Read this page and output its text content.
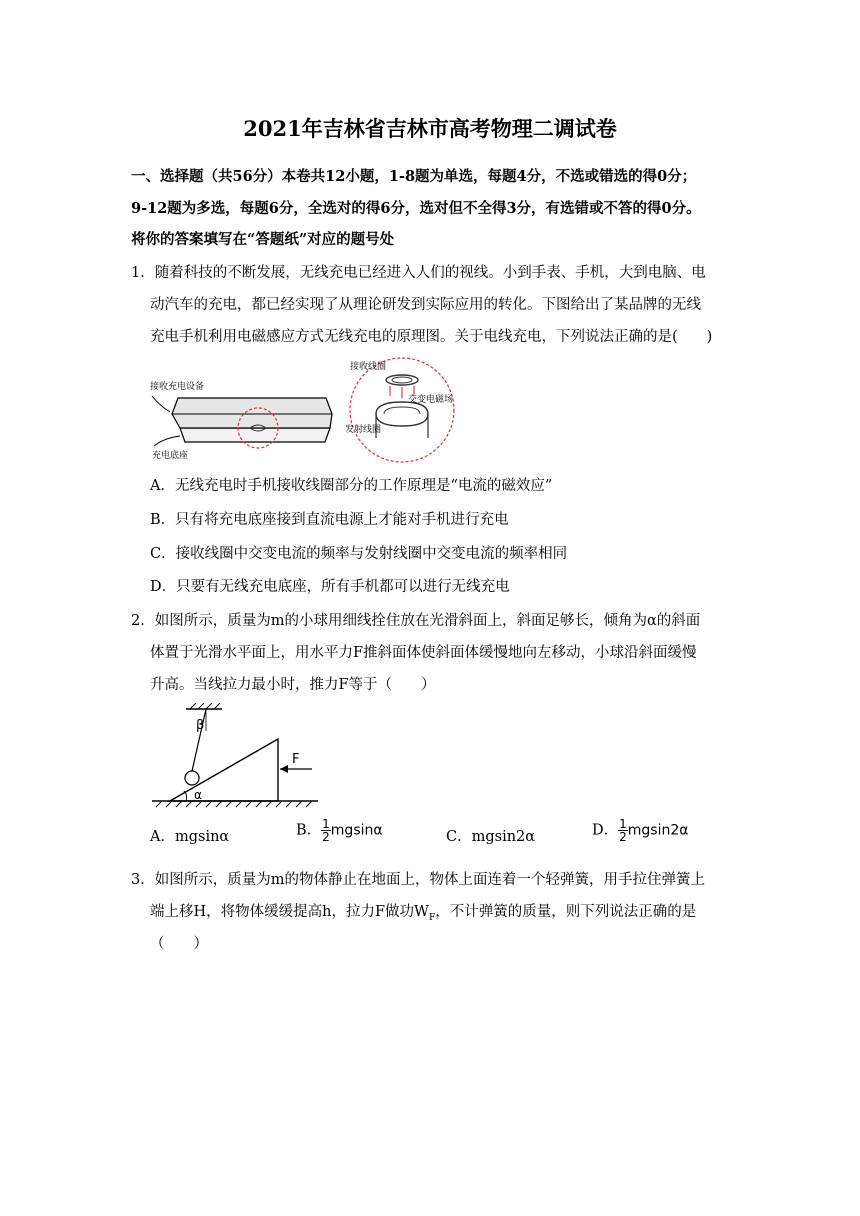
2021年吉林省吉林市高考物理二调试卷
一、选择题（共56分）本卷共12小题，1-8题为单选，每题4分，不选或错选的得0分；
9-12题为多选，每题6分，全选对的得6分，选对但不全得3分，有选错或不答的得0分。
将你的答案填写在“答题纸”对应的题号处
1．随着科技的不断发展，无线充电已经进入人们的视线。小到手表、手机，大到电脑、电
动汽车的充电，都已经实现了从理论研发到实际应用的转化。下图给出了某品牌的无线
充电手机利用电磁感应方式无线充电的原理图。关于电线充电，下列说法正确的是(　　)
接收充电设备
充电底座
接收线圈
交变电磁场
发射线圈
A．无线充电时手机接收线圈部分的工作原理是“电流的磁效应”
B．只有将充电底座接到直流电源上才能对手机进行充电
C．接收线圈中交变电流的频率与发射线圈中交变电流的频率相同
D．只要有无线充电底座，所有手机都可以进行无线充电
2．如图所示，质量为m的小球用细线拴住放在光滑斜面上，斜面足够长，倾角为α的斜面
体置于光滑水平面上，用水平力F推斜面体使斜面体缓慢地向左移动，小球沿斜面缓慢
升高。当线拉力最小时，推力F等于（　　）
β
α
F
A．mgsinα	B． $\frac{1}{2}$ mgsinα	C．mgsin2α	D． $\frac{1}{2} mgsin2\alpha$
3．如图所示，质量为m的物体静止在地面上，物体上面连着一个轻弹簧，用手拉住弹簧上
端上移H，将物体缓缓提高h，拉力F做功$W_F$，不计弹簧的质量，则下列说法正确的是
（　　）
